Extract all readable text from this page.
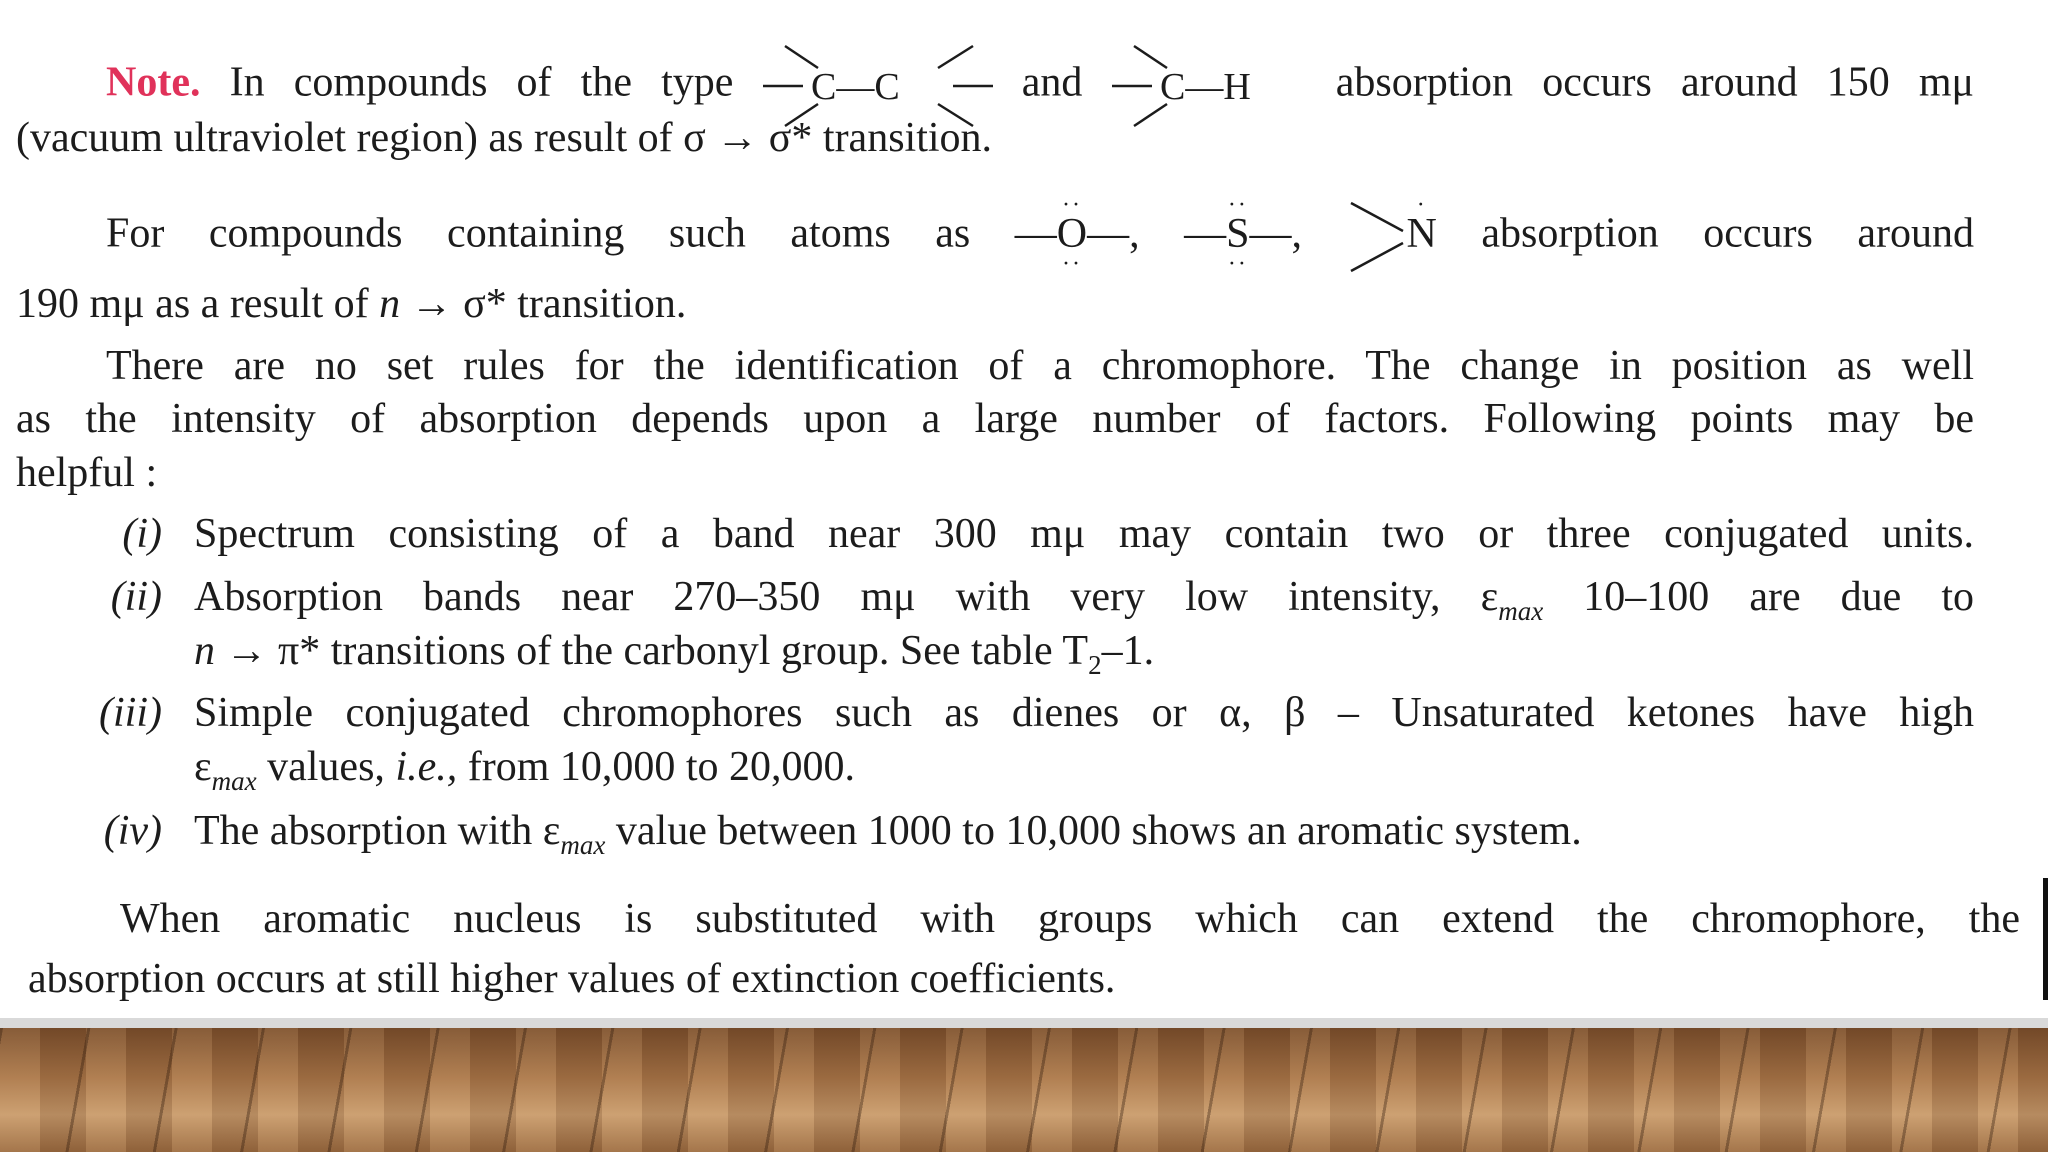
Note. In compounds of the type C—C	and C—H absorption occurs around 150 mμ
(vacuum ultraviolet region) as result of σ → σ* transition.
For compounds containing such atoms as —O
··
··
—, —S
··
··
—, N
·
absorption occurs around
190 mμ as a result of n → σ* transition.
There are no set rules for the identification of a chromophore. The change in position as well
as the intensity of absorption depends upon a large number of factors. Following points may be
helpful :
(i) Spectrum consisting of a band near 300 mμ may contain two or three conjugated units.
(ii) Absorption bands near 270–350 mμ with very low intensity, $\varepsilon_{max}$ 10–100 are due to
n → π* transitions of the carbonyl group. See table $T_2-1$.
(iii) Simple conjugated chromophores such as dienes or α, β – Unsaturated ketones have high
$\varepsilon_{max}$ values, i.e., from 10,000 to 20,000.
(iv) The absorption with $\varepsilon_{max}$ value between 1000 to 10,000 shows an aromatic system.
When aromatic nucleus is substituted with groups which can extend the chromophore, the
absorption occurs at still higher values of extinction coefficients.
